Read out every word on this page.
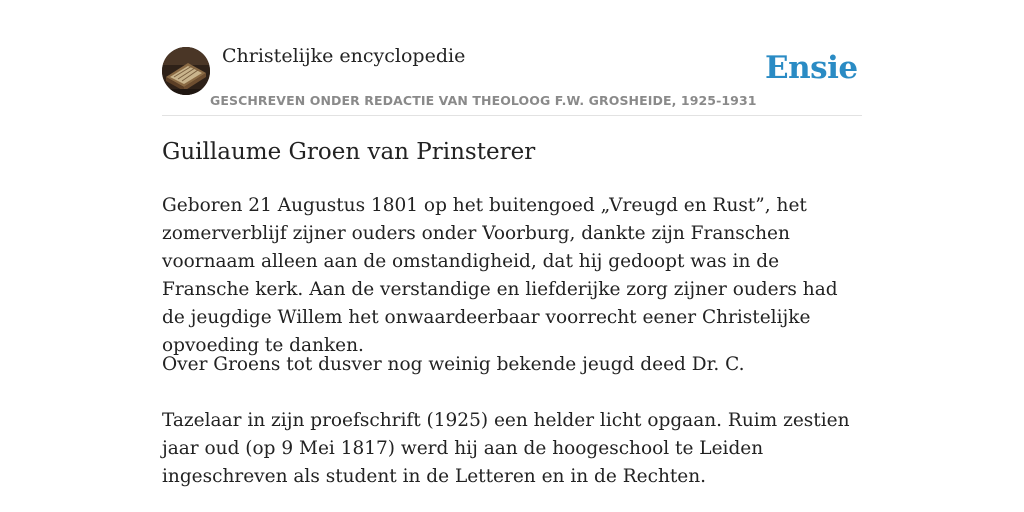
Christelijke encyclopedie
GESCHREVEN ONDER REDACTIE VAN THEOLOOG F.W. GROSHEIDE, 1925-1931
Ensie
Guillaume Groen van Prinsterer

Geboren 21 Augustus 1801 op het buitengoed „Vreugd en Rust”, het zomerverblijf zijner ouders onder Voorburg, dankte zijn Franschen voornaam alleen aan de omstandigheid, dat hij gedoopt was in de Fransche kerk. Aan de verstandige en liefderijke zorg zijner ouders had de jeugdige Willem het onwaardeerbaar voorrecht eener Christelijke opvoeding te danken.

Over Groens tot dusver nog weinig bekende jeugd deed Dr. C.

Tazelaar in zijn proefschrift (1925) een helder licht opgaan. Ruim zestien jaar oud (op 9 Mei 1817) werd hij aan de hoogeschool te Leiden ingeschreven als student in de Letteren en in de Rechten.
